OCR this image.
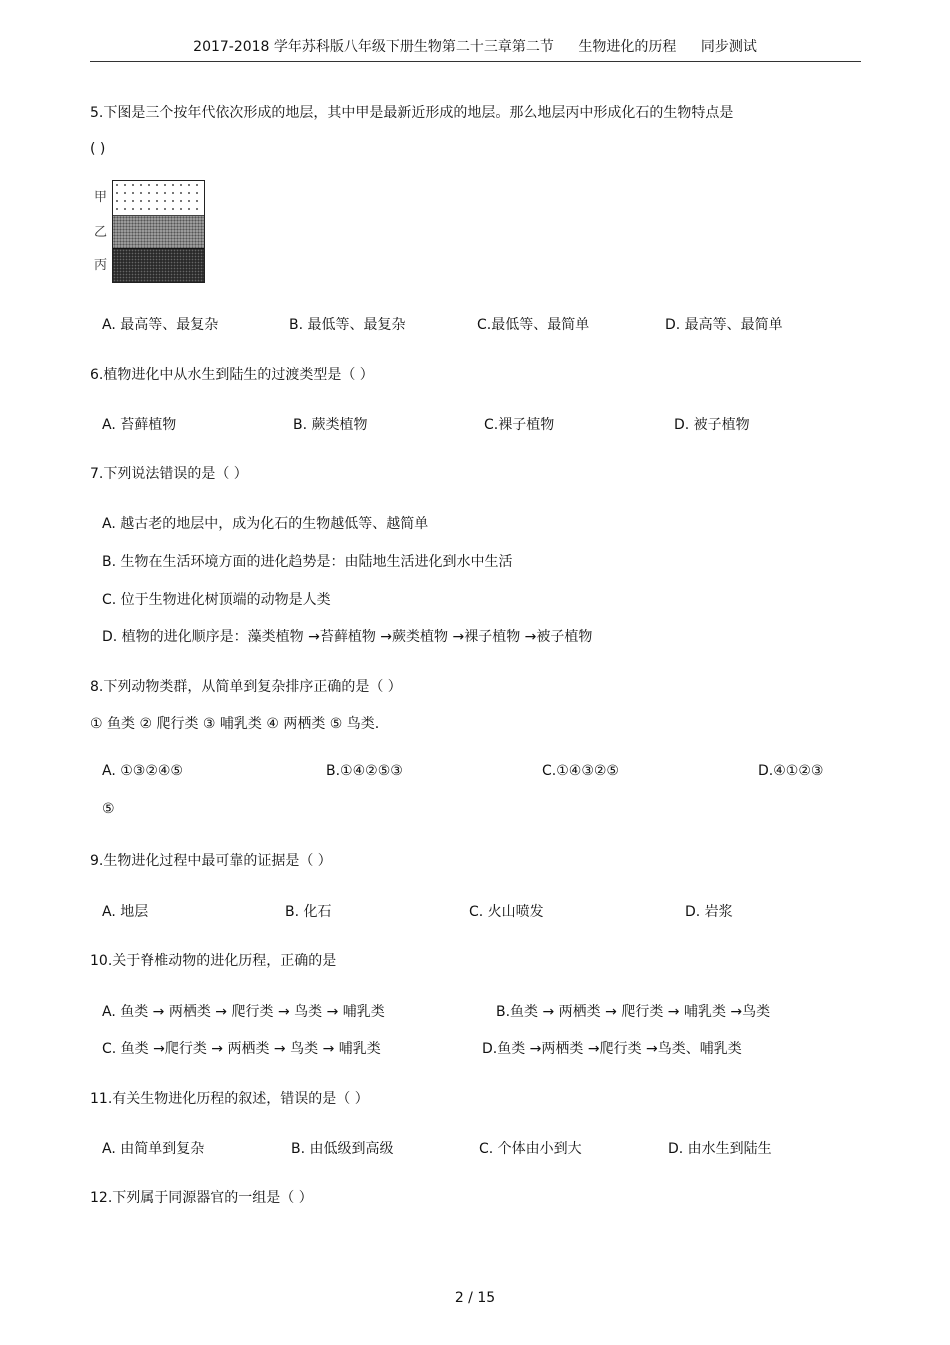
2017-2018 学年苏科版八年级下册生物第二十三章第二节 生物进化的历程 同步测试
5.下图是三个按年代依次形成的地层，其中甲是最新近形成的地层。那么地层丙中形成化石的生物特点是
( )
甲
乙
丙
A. 最高等、最复杂	B. 最低等、最复杂	C.最低等、最简单	D. 最高等、最简单
6.植物进化中从水生到陆生的过渡类型是（ ）
A. 苔藓植物	B. 蕨类植物	C.裸子植物	D. 被子植物
7.下列说法错误的是（ ）
A. 越古老的地层中，成为化石的生物越低等、越简单
B. 生物在生活环境方面的进化趋势是：由陆地生活进化到水中生活
C. 位于生物进化树顶端的动物是人类
D. 植物的进化顺序是：藻类植物 →苔藓植物 →蕨类植物 →裸子植物 →被子植物
8.下列动物类群，从简单到复杂排序正确的是（ ）
① 鱼类 ② 爬行类 ③ 哺乳类 ④ 两栖类 ⑤ 鸟类.
A. ①③②④⑤	B.①④②⑤③	C.①④③②⑤	D.④①②③
⑤
9.生物进化过程中最可靠的证据是（ ）
A. 地层	B. 化石	C. 火山喷发	D. 岩浆
10.关于脊椎动物的进化历程，正确的是
A. 鱼类 → 两栖类 → 爬行类 → 鸟类 → 哺乳类	B.鱼类 → 两栖类 → 爬行类 → 哺乳类 →鸟类
C. 鱼类 →爬行类 → 两栖类 → 鸟类 → 哺乳类	D.鱼类 →两栖类 →爬行类 →鸟类、哺乳类
11.有关生物进化历程的叙述，错误的是（ ）
A. 由简单到复杂	B. 由低级到高级	C. 个体由小到大	D. 由水生到陆生
12.下列属于同源器官的一组是（ ）
2 / 15
